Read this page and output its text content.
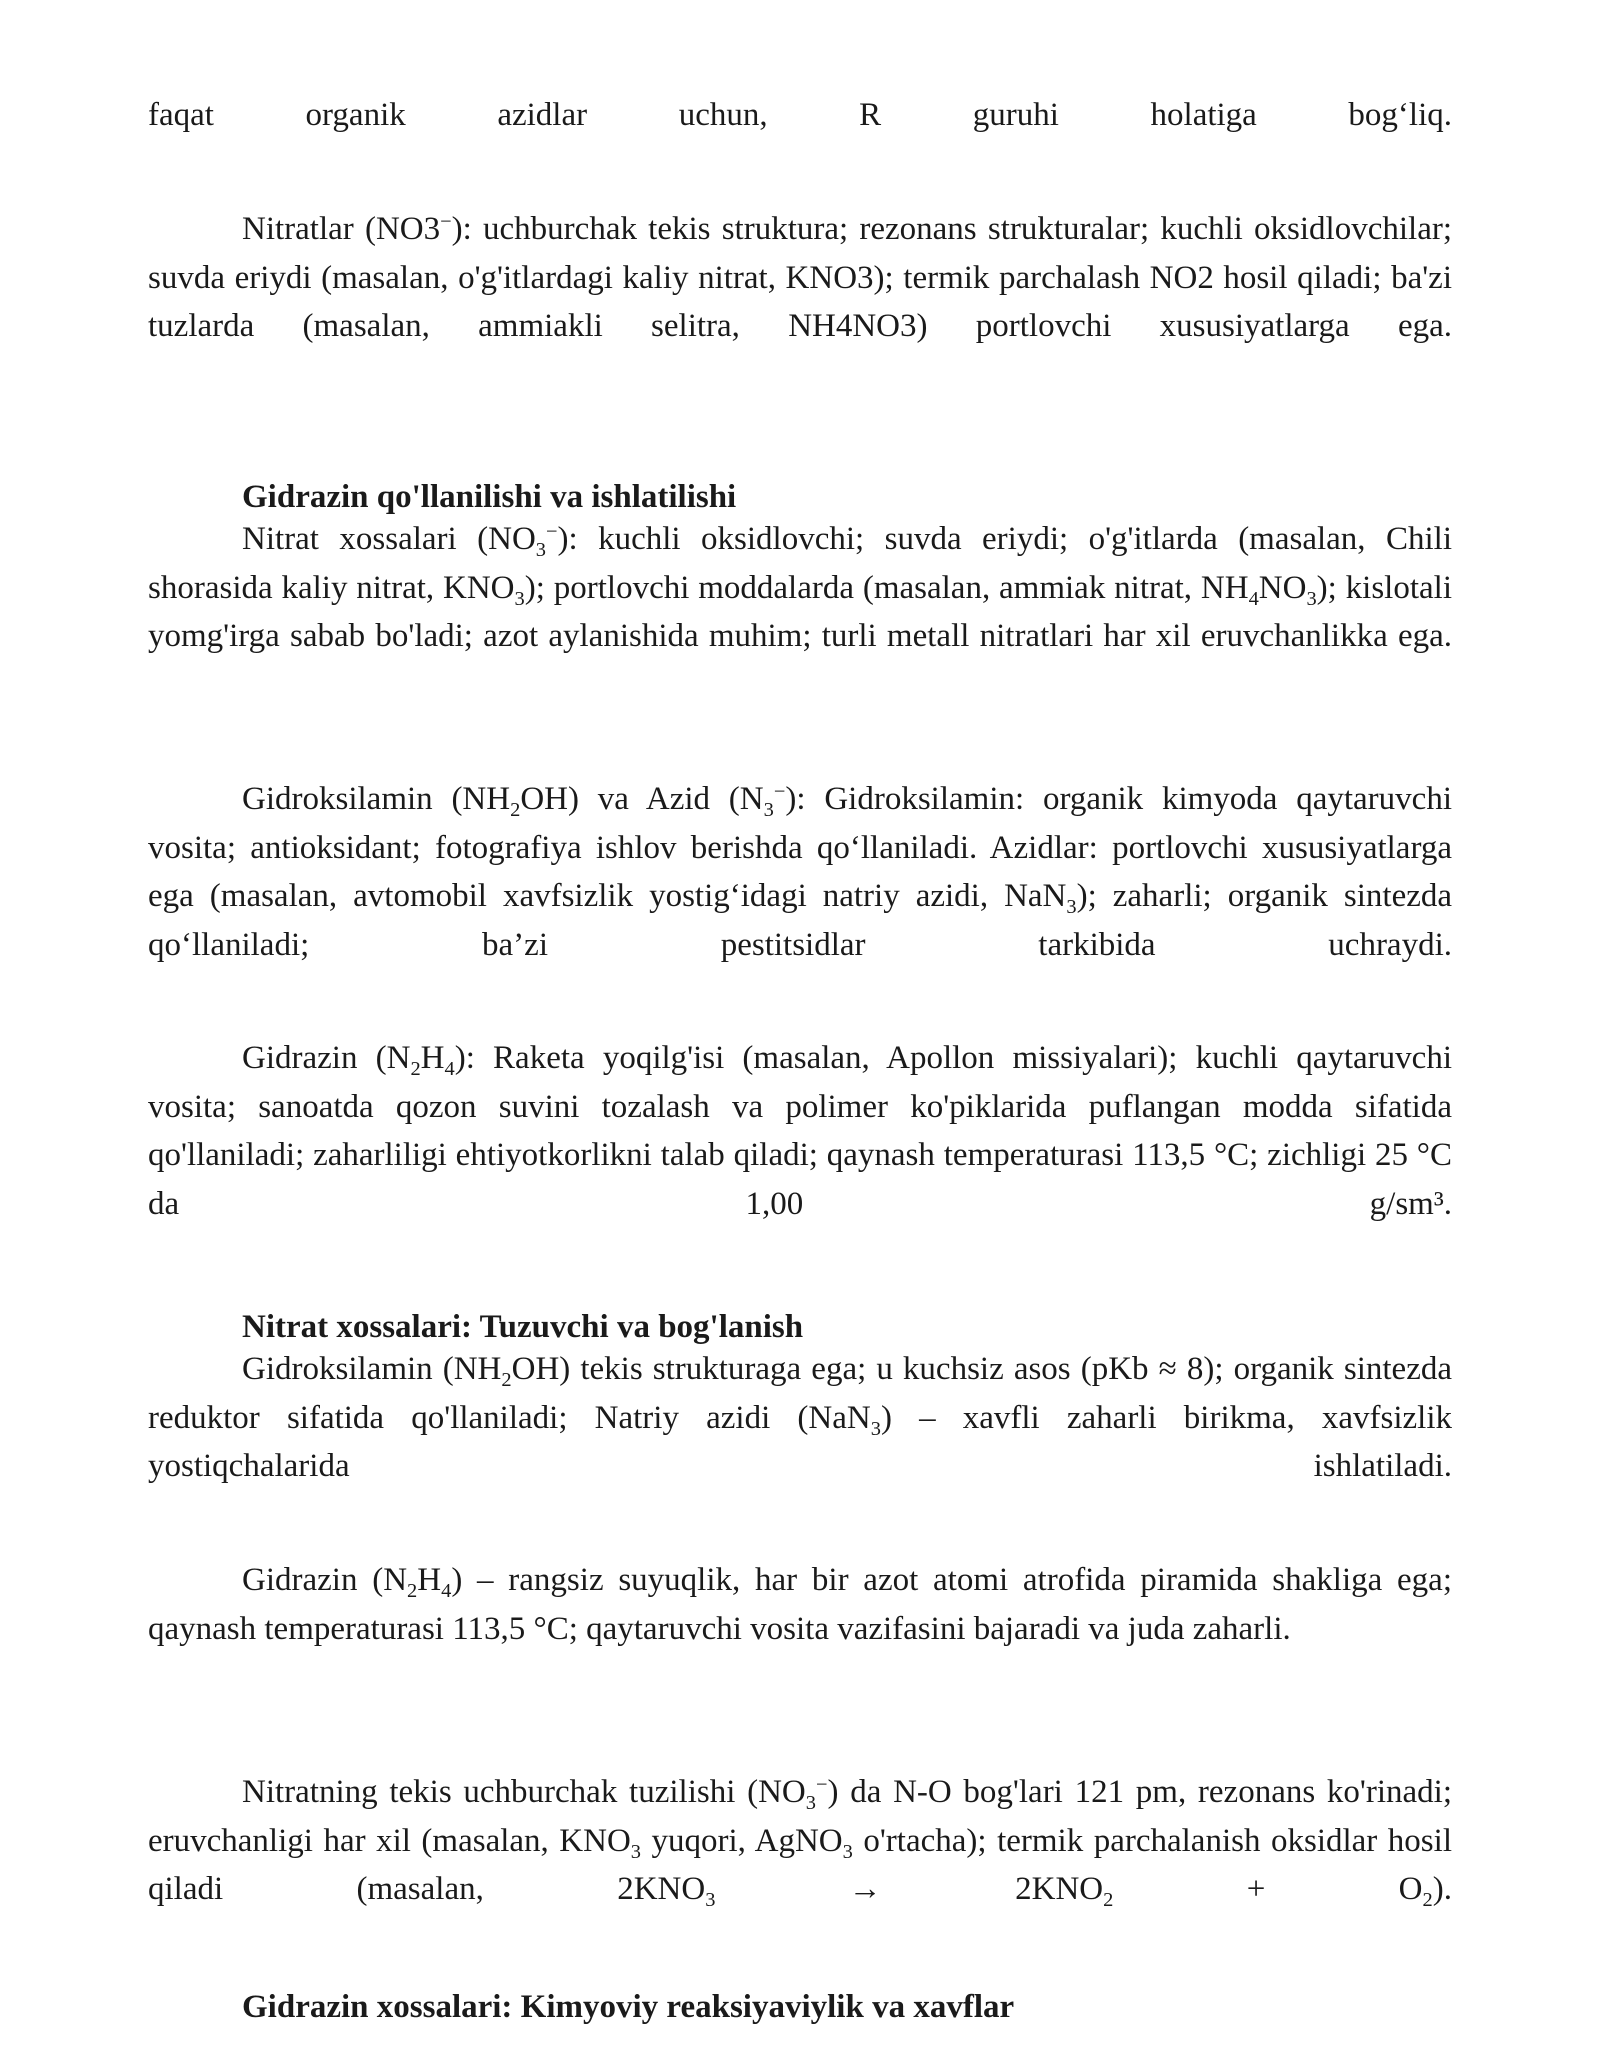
faqat organik azidlar uchun, R guruhi holatiga bog‘liq.

Nitratlar (NO3−): uchburchak tekis struktura; rezonans strukturalar; kuchli oksidlovchilar; suvda eriydi (masalan, o'g'itlardagi kaliy nitrat, KNO3); termik parchalash NO2 hosil qiladi; ba'zi tuzlarda (masalan, ammiakli selitra, NH4NO3) portlovchi xususiyatlarga ega.

Gidrazin qo'llanilishi va ishlatilishi

Nitrat xossalari $(NO_3^-)$: kuchli oksidlovchi; suvda eriydi; o'g'itlarda (masalan, Chili shorasida kaliy nitrat, $KNO_3$); portlovchi moddalarda (masalan, ammiak nitrat, $NH_4NO_3$); kislotali yomg'irga sabab bo'ladi; azot aylanishida muhim; turli metall nitratlari har xil eruvchanlikka ega.

Gidroksilamin $(NH_2OH)$ va Azid $(N_3^-)$: Gidroksilamin: organik kimyoda qaytaruvchi vosita; antioksidant; fotografiya ishlov berishda qo‘llaniladi. Azidlar: portlovchi xususiyatlarga ega (masalan, avtomobil xavfsizlik yostig‘idagi natriy azidi, NaN$_3$); zaharli; organik sintezda qo‘llaniladi; ba’zi pestitsidlar tarkibida uchraydi.

Gidrazin $(N_2H_4)$: Raketa yoqilg'isi (masalan, Apollon missiyalari); kuchli qaytaruvchi vosita; sanoatda qozon suvini tozalash va polimer ko'piklarida puflangan modda sifatida qo'llaniladi; zaharliligi ehtiyotkorlikni talab qiladi; qaynash temperaturasi 113,5 °C; zichligi 25 °C da 1,00 g/sm³.

Nitrat xossalari: Tuzuvchi va bog'lanish

Gidroksilamin $(NH_2OH)$ tekis strukturaga ega; u kuchsiz asos (pKb ≈ 8); organik sintezda reduktor sifatida qo'llaniladi; Natriy azidi (NaN$_3$) – xavfli zaharli birikma, xavfsizlik yostiqchalarida ishlatiladi.

Gidrazin $(N_2H_4)$ – rangsiz suyuqlik, har bir azot atomi atrofida piramida shakliga ega; qaynash temperaturasi 113,5 °C; qaytaruvchi vosita vazifasini bajaradi va juda zaharli.

Nitratning tekis uchburchak tuzilishi $(NO_3^-)$ da N-O bog'lari 121 pm, rezonans ko'rinadi; eruvchanligi har xil (masalan, $KNO_3$ yuqori, AgNO$_3$ o'rtacha); termik parchalanish oksidlar hosil qiladi (masalan, $2KNO_3 \to 2KNO_2 + O_2$).

Gidrazin xossalari: Kimyoviy reaksiyaviylik va xavflar
